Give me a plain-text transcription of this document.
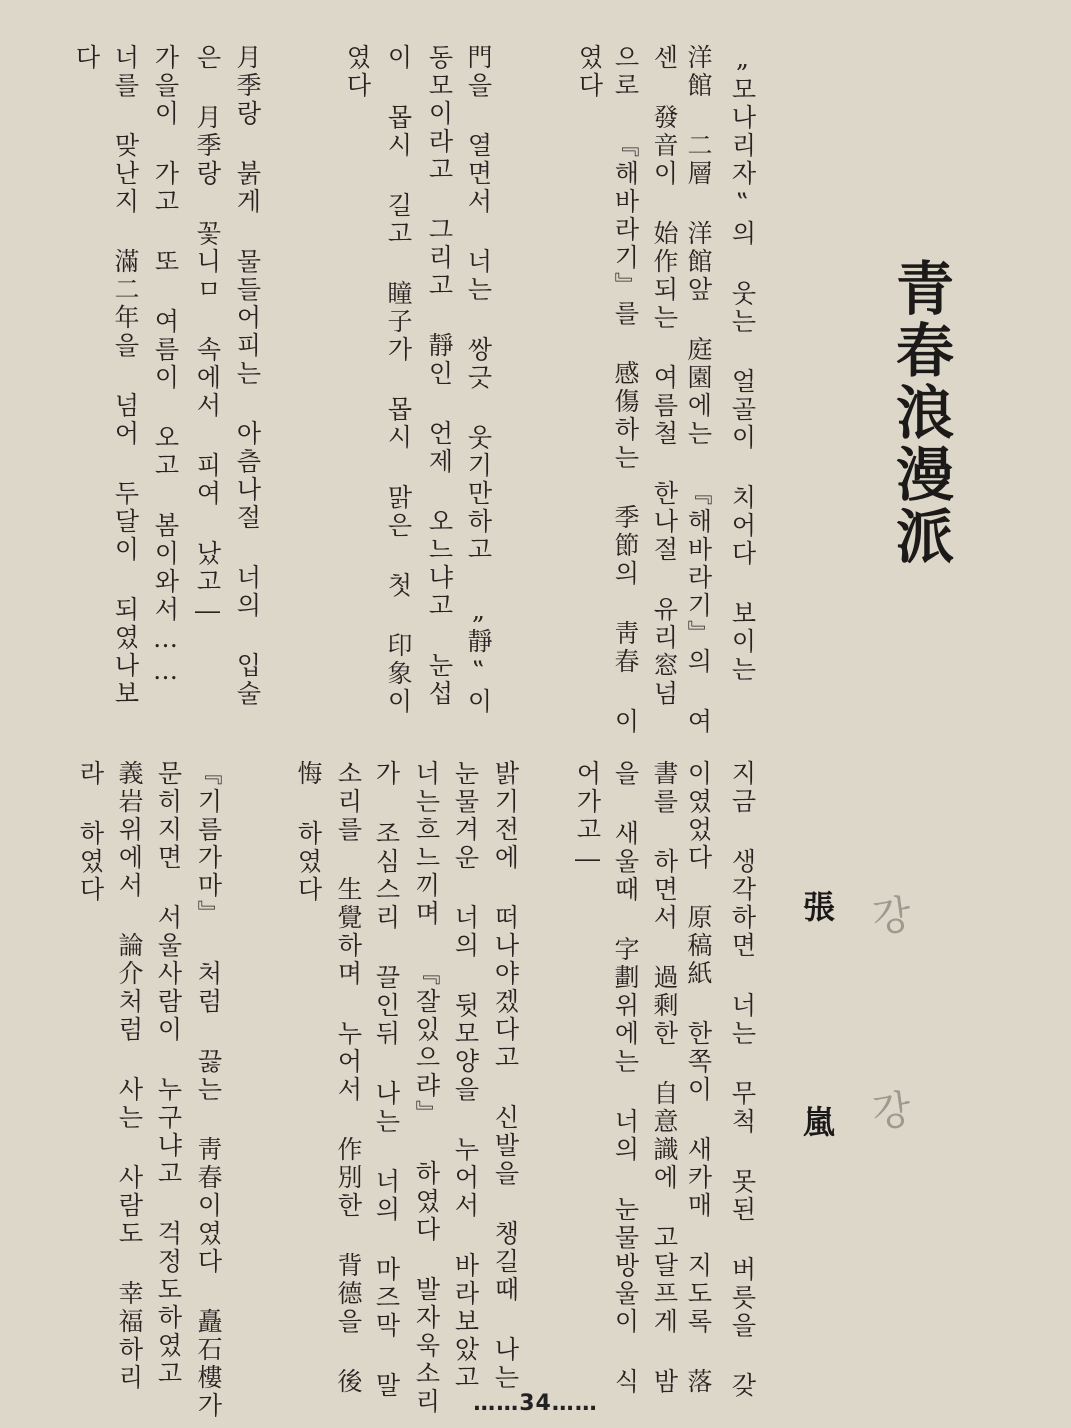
青春浪漫派
張
嵐
강
강
„모나리자‟의 웃는 얼골이 치어다 보이는
洋館 二層 洋館앞 庭園에는 『해바라기』의 여
센 發音이 始作되는 여름철 한나절 유리窓넘
으로 『해바라기』를 感傷하는 季節의 靑春 이
였다
門을 열면서 너는 쌍긋 웃기만하고 „靜‟이
동모이라고 그리고 靜인 언제 오느냐고 눈섭
이 몹시 길고 瞳子가 몹시 맑은 첫 印象이
였다
月季랑 붉게 물들어피는 아츰나절 너의 입술
은 月季랑 꽃니ㅁ 속에서 피여 났고―
가을이 가고 또 여름이 오고 봄이와서……
너를 맞난지 滿二年을 넘어 두달이 되였나보
다
지금 생각하면 너는 무척 못된 버릇을 갖
이였었다 原稿紙 한쪽이 새카매 지도록 落
書를 하면서 過剩한 自意識에 고달프게 밤
을 새울때 字劃위에는 너의 눈물방울이 식
어가고―
밝기전에 떠나야겠다고 신발을 챙길때 나는
눈물겨운 너의 뒷모양을 누어서 바라보았고
너는흐느끼며 『잘있으랴』 하였다 발자욱소리
가 조심스리 끌인뒤 나는 너의 마즈막 말
소리를 生覺하며 누어서 作別한 背德을 後
悔 하였다
『기름가마』 처럼 끓는 靑春이였다 矗石樓가
문히지면 서울사람이 누구냐고 걱정도하였고
義岩위에서 論介처럼 사는 사람도 幸福하리
라 하였다
……34……
